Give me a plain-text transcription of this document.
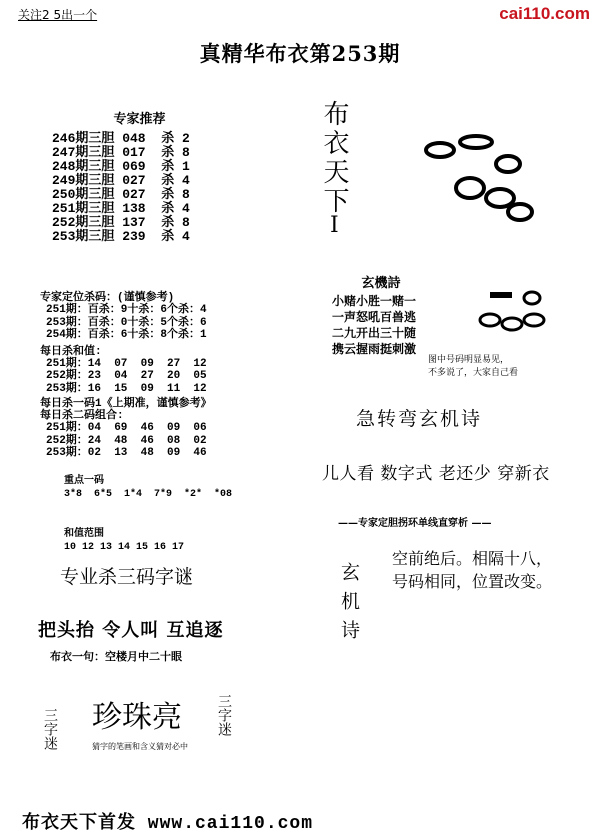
关注2 5出一个	cai110.com
真精华布衣第253期
专家推荐
246期三胆 048  杀 2
247期三胆 017  杀 8
248期三胆 069  杀 1
249期三胆 027  杀 4
250期三胆 027  杀 8
251期三胆 138  杀 4
252期三胆 137  杀 8
253期三胆 239  杀 4
专家定位杀码：(谨慎参考)
251期：百杀：9十杀：6个杀：4
253期：百杀：0十杀：5个杀：6
254期：百杀：6十杀：8个杀：1
每日杀和值:
251期：14  07  09  27  12
252期：23  04  27  20  05
253期：16  15  09  11  12
每日杀一码1《上期准，谨慎参考》
每日杀二码组合:
251期：04  69  46  09  06
252期：24  48  46  08  02
253期：02  13  48  09  46

重点一码
3*8  6*5  1*4  7*9  *2*  *08

和值范围
10 12 13 14 15 16 17

专业杀三码字谜
把头抬 令人叫 互追逐
布衣一句：空楼月中二十眼
三字迷	三字迷
珍珠亮
猜字的笔画和含义猜对必中
布衣天下
I
玄機詩
小赌小胜一赌一
一声怒吼百兽逃
二九开出三十随
携云握雨挺刺激
图中号码明显易见，
不多说了，大家自己看
急转弯玄机诗
儿人看 数字式 老还少 穿新衣
——专家定胆拐环单线直穿析 ——
玄机诗
空前绝后。相隔十八，
号码相同，位置改变。
布衣天下首发 www.cai110.com
